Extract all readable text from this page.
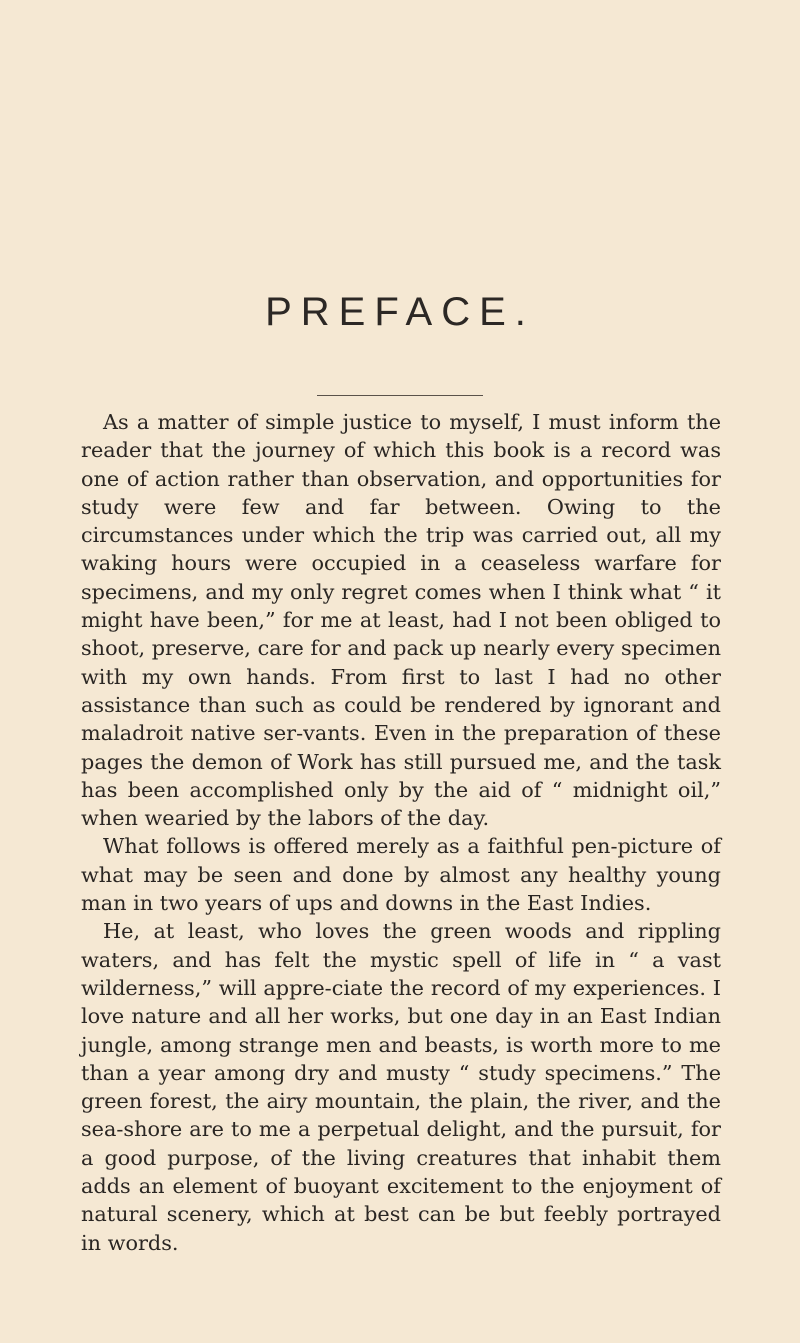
PREFACE.

As a matter of simple justice to myself, I must inform the reader that the journey of which this book is a record was one of action rather than observation, and opportunities for study were few and far between. Owing to the circumstances under which the trip was carried out, all my waking hours were occupied in a ceaseless warfare for specimens, and my only regret comes when I think what “ it might have been,” for me at least, had I not been obliged to shoot, preserve, care for and pack up nearly every specimen with my own hands. From first to last I had no other assistance than such as could be rendered by ignorant and maladroit native ser-vants. Even in the preparation of these pages the demon of Work has still pursued me, and the task has been accomplished only by the aid of “ midnight oil,” when wearied by the labors of the day.

What follows is offered merely as a faithful pen-picture of what may be seen and done by almost any healthy young man in two years of ups and downs in the East Indies.

He, at least, who loves the green woods and rippling waters, and has felt the mystic spell of life in “ a vast wilderness,” will appre-ciate the record of my experiences. I love nature and all her works, but one day in an East Indian jungle, among strange men and beasts, is worth more to me than a year among dry and musty “ study specimens.” The green forest, the airy mountain, the plain, the river, and the sea-shore are to me a perpetual delight, and the pursuit, for a good purpose, of the living creatures that inhabit them adds an element of buoyant excitement to the enjoyment of natural scenery, which at best can be but feebly portrayed in words.
